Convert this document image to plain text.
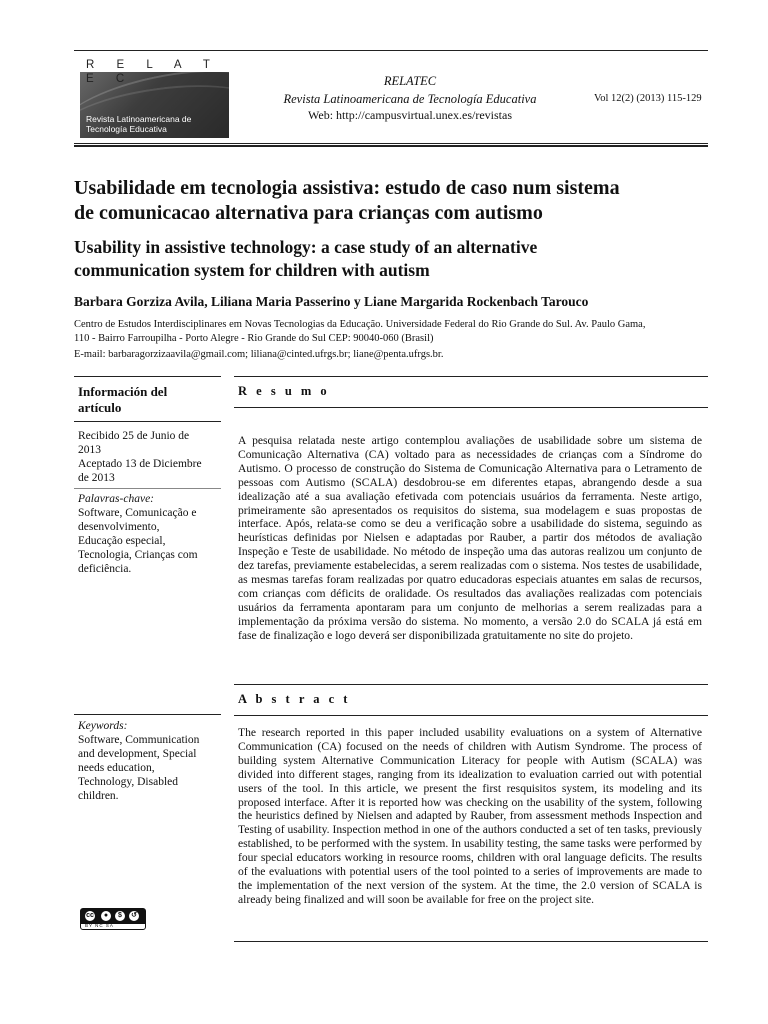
R E L A T E C
Revista Latinoamericana de
Tecnología Educativa
RELATEC
Revista Latinoamericana de Tecnología Educativa
Web: http://campusvirtual.unex.es/revistas
Vol 12(2) (2013) 115-129
Usabilidade em tecnologia assistiva: estudo de caso num sistema
de comunicacao alternativa para crianças com autismo
Usability in assistive technology: a case study of an alternative
communication system for children with autism
Barbara Gorziza Avila, Liliana Maria Passerino y Liane Margarida Rockenbach Tarouco
Centro de Estudos Interdisciplinares em Novas Tecnologias da Educação. Universidade Federal do Rio Grande do Sul. Av. Paulo Gama,
110 - Bairro Farroupilha - Porto Alegre - Rio Grande do Sul CEP: 90040-060 (Brasil)
E-mail: barbaragorzizaavila@gmail.com; liliana@cinted.ufrgs.br; liane@penta.ufrgs.br.
Información del
artículo
Recibido 25 de Junio de
2013
Aceptado 13 de Diciembre
de 2013
Palavras-chave:
Software, Comunicação e
desenvolvimento,
Educação especial,
Tecnologia, Crianças com
deficiência.
Keywords:
Software, Communication
and development, Special
needs education,
Technology, Disabled
children.
R e s u m o
A pesquisa relatada neste artigo contemplou avaliações de usabilidade sobre um sistema de Comunicação Alternativa (CA) voltado para as necessidades de crianças com a Síndrome do Autismo. O processo de construção do Sistema de Comunicação Alternativa para o Letramento de pessoas com Autismo (SCALA) desdobrou-se em diferentes etapas, abrangendo desde a sua idealização até a sua avaliação efetivada com potenciais usuários da ferramenta. Neste artigo, primeiramente são apresentados os requisitos do sistema, sua modelagem e suas propostas de interface. Após, relata-se como se deu a verificação sobre a usabilidade do sistema, seguindo as heurísticas definidas por Nielsen e adaptadas por Rauber, a partir dos métodos de avaliação Inspeção e Teste de usabilidade. No método de inspeção uma das autoras realizou um conjunto de dez tarefas, previamente estabelecidas, a serem realizadas com o sistema. Nos testes de usabilidade, as mesmas tarefas foram realizadas por quatro educadoras especiais atuantes em salas de recursos, com crianças com déficits de oralidade. Os resultados das avaliações realizadas com potenciais usuários da ferramenta apontaram para um conjunto de melhorias a serem realizadas para a implementação da próxima versão do sistema. No momento, a versão 2.0 do SCALA já está em fase de finalização e logo deverá ser disponibilizada gratuitamente no site do projeto.
A b s t r a c t
The research reported in this paper included usability evaluations on a system of Alternative Communication (CA) focused on the needs of children with Autism Syndrome. The process of building system Alternative Communication Literacy for people with Autism (SCALA) was divided into different stages, ranging from its idealization to evaluation carried out with potential users of the tool. In this article, we present the first resquisitos system, its modeling and its proposed interface. After it is reported how was checking on the usability of the system, following the heuristics defined by Nielsen and adapted by Rauber, from assessment methods Inspection and Testing of usability. Inspection method in one of the authors conducted a set of ten tasks, previously established, to be performed with the system. In usability testing, the same tasks were performed by four special educators working in resource rooms, children with oral language deficits. The results of the evaluations with potential users of the tool pointed to a series of improvements are made to the implementation of the next version of the system. At the time, the 2.0 version of SCALA is already being finalized and will soon be available for free on the project site.
cc	●	$	↺
BY NC SA
